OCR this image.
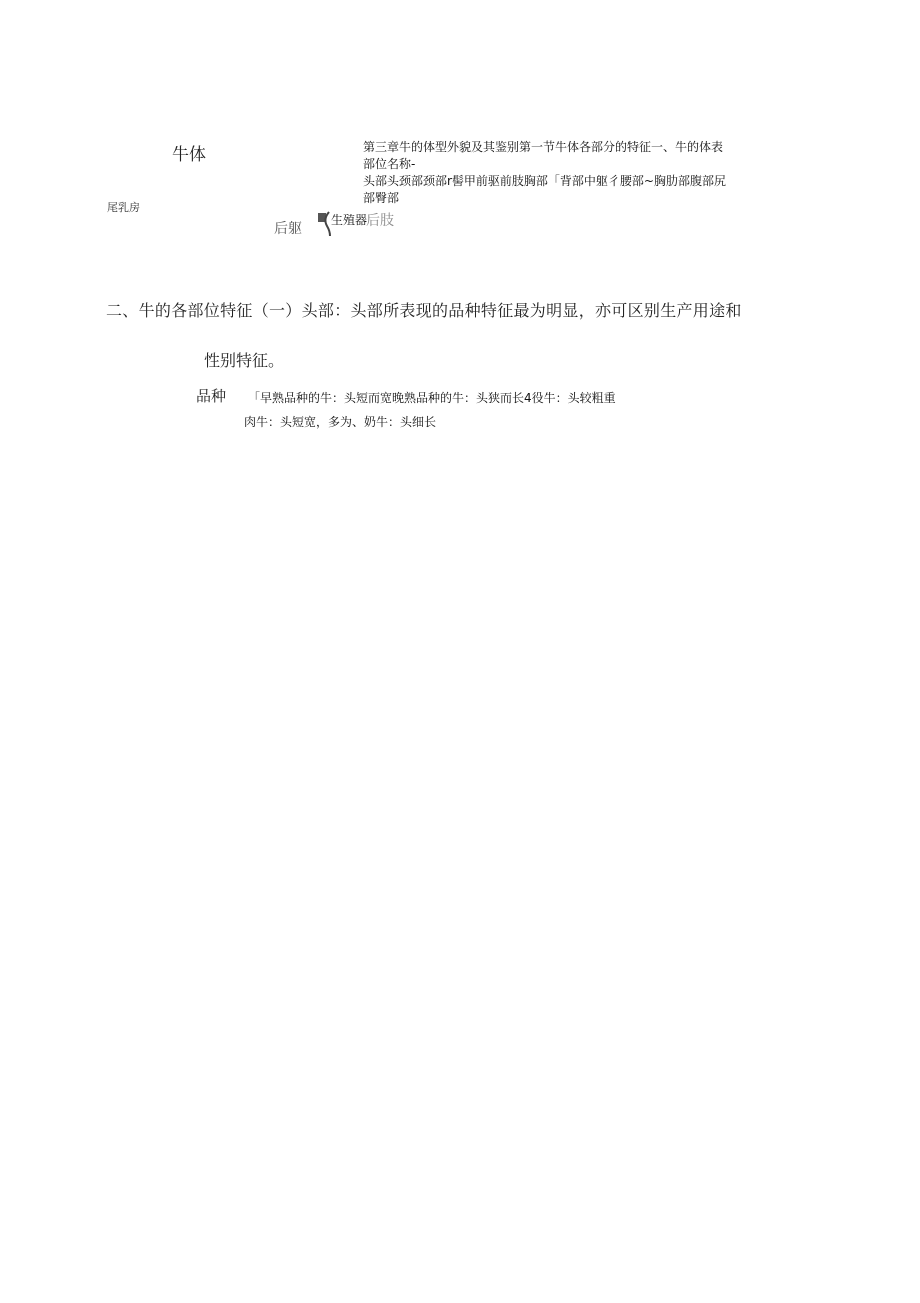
牛体
尾乳房
后躯
生殖器
后肢

第三章牛的体型外貌及其鉴别第一节牛体各部分的特征一、牛的体表

部位名称-

头部头颈部颈部r髻甲前驱前肢胸部「背部中躯彳腰部~胸肋部腹部尻

部臀部

二、牛的各部位特征（一）头部：头部所表现的品种特征最为明显，亦可区别生产用途和
性别特征。
品种 「早熟品种的牛：头短而宽晚熟品种的牛：头狭而长4役牛：头较粗重
肉牛：头短宽，多为、奶牛：头细长
